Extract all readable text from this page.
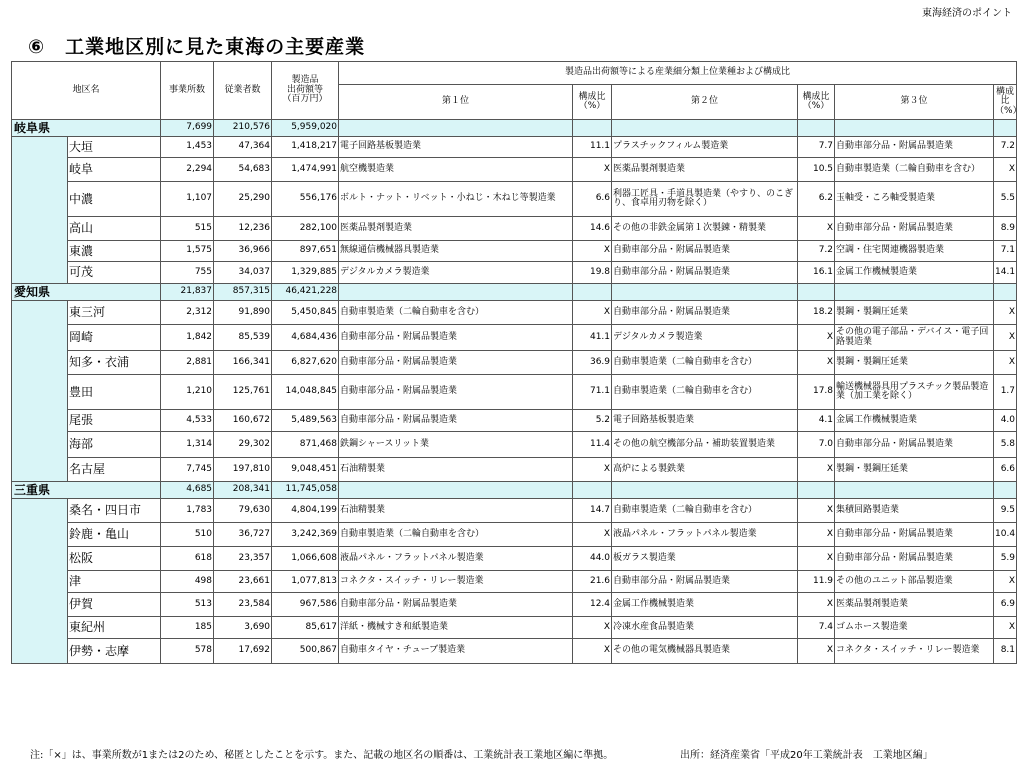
東海経済のポイント
⑥　工業地区別に見た東海の主要産業
地区名		事業所数	従業者数	製造品
出荷額等
（百万円）	製造品出荷額等による産業細分類上位業種および構成比					
					第１位	構成比
（%）	第２位	構成比
（%）	第３位	構成比
（%）
岐阜県		7,699	210,576	5,959,020						
	大垣	1,453	47,364	1,418,217	電子回路基板製造業	11.1	プラスチックフィルム製造業	7.7	自動車部分品・附属品製造業	7.2
	岐阜	2,294	54,683	1,474,991	航空機製造業	X	医薬品製剤製造業	10.5	自動車製造業（二輪自動車を含む）	X
	中濃	1,107	25,290	556,176	ボルト・ナット・リベット・小ねじ・木ねじ等製造業	6.6	利器工匠具・手道具製造業（やすり、のこぎり、食卓用刃物を除く）	6.2	玉軸受・ころ軸受製造業	5.5
	高山	515	12,236	282,100	医薬品製剤製造業	14.6	その他の非鉄金属第１次製錬・精製業	X	自動車部分品・附属品製造業	8.9
	東濃	1,575	36,966	897,651	無線通信機械器具製造業	X	自動車部分品・附属品製造業	7.2	空調・住宅関連機器製造業	7.1
	可茂	755	34,037	1,329,885	デジタルカメラ製造業	19.8	自動車部分品・附属品製造業	16.1	金属工作機械製造業	14.1
愛知県		21,837	857,315	46,421,228						
	東三河	2,312	91,890	5,450,845	自動車製造業（二輪自動車を含む）	X	自動車部分品・附属品製造業	18.2	製鋼・製鋼圧延業	X
	岡崎	1,842	85,539	4,684,436	自動車部分品・附属品製造業	41.1	デジタルカメラ製造業	X	その他の電子部品・デバイス・電子回路製造業	X
	知多・衣浦	2,881	166,341	6,827,620	自動車部分品・附属品製造業	36.9	自動車製造業（二輪自動車を含む）	X	製鋼・製鋼圧延業	X
	豊田	1,210	125,761	14,048,845	自動車部分品・附属品製造業	71.1	自動車製造業（二輪自動車を含む）	17.8	輸送機械器具用プラスチック製品製造業（加工業を除く）	1.7
	尾張	4,533	160,672	5,489,563	自動車部分品・附属品製造業	5.2	電子回路基板製造業	4.1	金属工作機械製造業	4.0
	海部	1,314	29,302	871,468	鉄鋼シャースリット業	11.4	その他の航空機部分品・補助装置製造業	7.0	自動車部分品・附属品製造業	5.8
	名古屋	7,745	197,810	9,048,451	石油精製業	X	高炉による製鉄業	X	製鋼・製鋼圧延業	6.6
三重県		4,685	208,341	11,745,058						
	桑名・四日市	1,783	79,630	4,804,199	石油精製業	14.7	自動車製造業（二輪自動車を含む）	X	集積回路製造業	9.5
	鈴鹿・亀山	510	36,727	3,242,369	自動車製造業（二輪自動車を含む）	X	液晶パネル・フラットパネル製造業	X	自動車部分品・附属品製造業	10.4
	松阪	618	23,357	1,066,608	液晶パネル・フラットパネル製造業	44.0	板ガラス製造業	X	自動車部分品・附属品製造業	5.9
	津	498	23,661	1,077,813	コネクタ・スイッチ・リレー製造業	21.6	自動車部分品・附属品製造業	11.9	その他のユニット部品製造業	X
	伊賀	513	23,584	967,586	自動車部分品・附属品製造業	12.4	金属工作機械製造業	X	医薬品製剤製造業	6.9
	東紀州	185	3,690	85,617	洋紙・機械すき和紙製造業	X	冷凍水産食品製造業	7.4	ゴムホース製造業	X
	伊勢・志摩	578	17,692	500,867	自動車タイヤ・チューブ製造業	X	その他の電気機械器具製造業	X	コネクタ・スイッチ・リレー製造業	8.1
注:「×」は、事業所数が1または2のため、秘匿としたことを示す。また、記載の地区名の順番は、工業統計表工業地区編に準拠。	出所：経済産業省「平成20年工業統計表　工業地区編」
